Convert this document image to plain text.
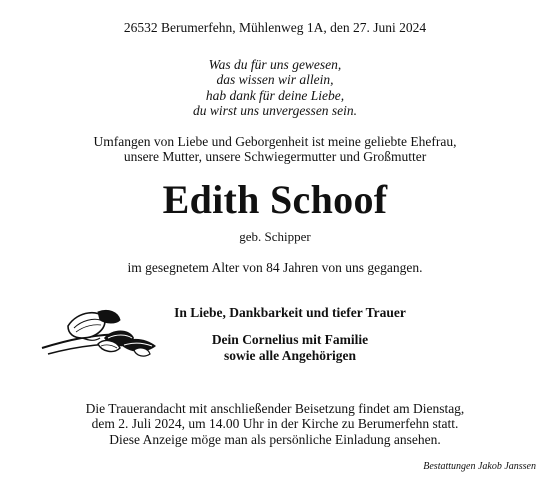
26532 Berumerfehn, Mühlenweg 1A, den 27. Juni 2024
Was du für uns gewesen,
das wissen wir allein,
hab dank für deine Liebe,
du wirst uns unvergessen sein.
Umfangen von Liebe und Geborgenheit ist meine geliebte Ehefrau,
unsere Mutter, unsere Schwiegermutter und Großmutter
Edith Schoof
geb. Schipper
im gesegnetem Alter von 84 Jahren von uns gegangen.
In Liebe, Dankbarkeit und tiefer Trauer
Dein Cornelius mit Familie
sowie alle Angehörigen
Die Trauerandacht mit anschließender Beisetzung findet am Dienstag,
dem 2. Juli 2024, um 14.00 Uhr in der Kirche zu Berumerfehn statt.
Diese Anzeige möge man als persönliche Einladung ansehen.
Bestattungen Jakob Janssen
